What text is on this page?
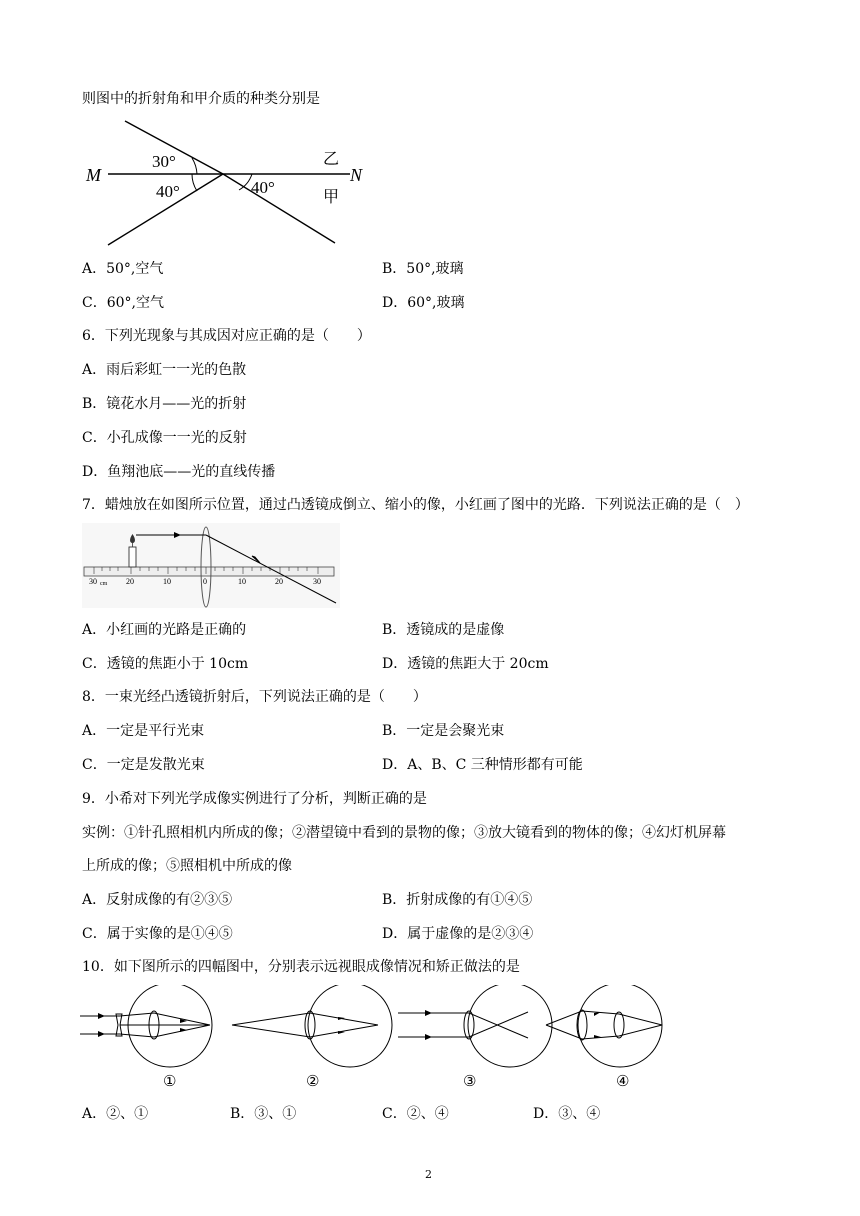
则图中的折射角和甲介质的种类分别是
M	N
30°
40°	40°
乙
甲
A．50°,空气	B．50°,玻璃
C．60°,空气	D．60°,玻璃
6．下列光现象与其成因对应正确的是（　　）
A．雨后彩虹一一光的色散
B．镜花水月——光的折射
C．小孔成像一一光的反射
D．鱼翔池底——光的直线传播
7．蜡烛放在如图所示位置，通过凸透镜成倒立、缩小的像，小红画了图中的光路．下列说法正确的是（　）
30 cm 20	10	0	10	20	30
A．小红画的光路是正确的	B．透镜成的是虚像
C．透镜的焦距小于 10cm	D．透镜的焦距大于 20cm
8．一束光经凸透镜折射后，下列说法正确的是（　　）
A．一定是平行光束	B．一定是会聚光束
C．一定是发散光束	D．A、B、C 三种情形都有可能
9．小希对下列光学成像实例进行了分析，判断正确的是
实例：①针孔照相机内所成的像；②潜望镜中看到的景物的像；③放大镜看到的物体的像；④幻灯机屏幕
上所成的像；⑤照相机中所成的像
A．反射成像的有②③⑤	B．折射成像的有①④⑤
C．属于实像的是①④⑤	D．属于虚像的是②③④
10．如下图所示的四幅图中，分别表示远视眼成像情况和矫正做法的是
①	②	③	④
A．②、①	B．③、①	C．②、④	D．③、④
2
